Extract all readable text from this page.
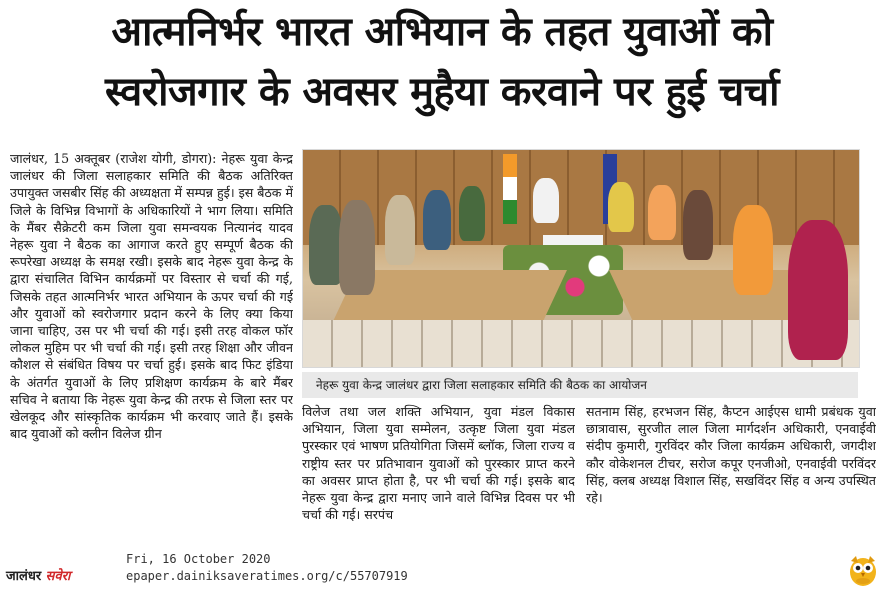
आत्मनिर्भर भारत अभियान के तहत युवाओं को
स्वरोजगार के अवसर मुहैया करवाने पर हुई चर्चा

जालंधर, 15 अक्तूबर (राजेश योगी, डोगरा): नेहरू युवा केन्द्र जालंधर की जिला सलाहकार समिति की बैठक अतिरिक्त उपायुक्त जसबीर सिंह की अध्यक्षता में सम्पन्न हुई। इस बैठक में जिले के विभिन्न विभागों के अधिकारियों ने भाग लिया। समिति के मैंबर सैक्रेटरी कम जिला युवा समन्वयक नित्यानंद यादव नेहरू युवा ने बैठक का आगाज करते हुए सम्पूर्ण बैठक की रूपरेखा अध्यक्ष के समक्ष रखी। इसके बाद नेहरू युवा केन्द्र के द्वारा संचालित विभिन कार्यक्रमों पर विस्तार से चर्चा की गई, जिसके तहत आत्मनिर्भर भारत अभियान के ऊपर चर्चा की गई और युवाओं को स्वरोजगार प्रदान करने के लिए क्या किया जाना चाहिए, उस पर भी चर्चा की गई। इसी तरह वोकल फॉर लोकल मुहिम पर भी चर्चा की गई। इसी तरह शिक्षा और जीवन कौशल से संबंधित विषय पर चर्चा हुई। इसके बाद फिट इंडिया के अंतर्गत युवाओं के लिए प्रशिक्षण कार्यक्रम के बारे मैंबर सचिव ने बताया कि नेहरू युवा केन्द्र की तरफ से जिला स्तर पर खेलकूद और सांस्कृतिक कार्यक्रम भी करवाए जाते हैं। इसके बाद युवाओं को क्लीन विलेज ग्रीन

नेहरू युवा केन्द्र जालंधर द्वारा जिला सलाहकार समिति की बैठक का आयोजन

विलेज तथा जल शक्ति अभियान, युवा मंडल विकास अभियान, जिला युवा सम्मेलन, उत्कृष्ट जिला युवा मंडल पुरस्कार एवं भाषण प्रतियोगिता जिसमें ब्लॉक, जिला राज्य व राष्ट्रीय स्तर पर प्रतिभावान युवाओं को पुरस्कार प्राप्त करने का अवसर प्राप्त होता है, पर भी चर्चा की गई। इसके बाद नेहरू युवा केन्द्र द्वारा मनाए जाने वाले विभिन्न दिवस पर भी चर्चा की गई। सरपंच

सतनाम सिंह, हरभजन सिंह, कैप्टन आईएस धामी प्रबंधक युवा छात्रावास, सुरजीत लाल जिला मार्गदर्शन अधिकारी, एनवाईवी संदीप कुमारी, गुरविंदर कौर जिला कार्यक्रम अधिकारी, जगदीश कौर वोकेशनल टीचर, सरोज कपूर एनजीओ, एनवाईवी परविंदर सिंह, क्लब अध्यक्ष विशाल सिंह, सखविंदर सिंह व अन्य उपस्थित रहे।

जालंधर सवेरा
Fri, 16 October 2020
epaper.dainiksaveratimes.org/c/55707919
